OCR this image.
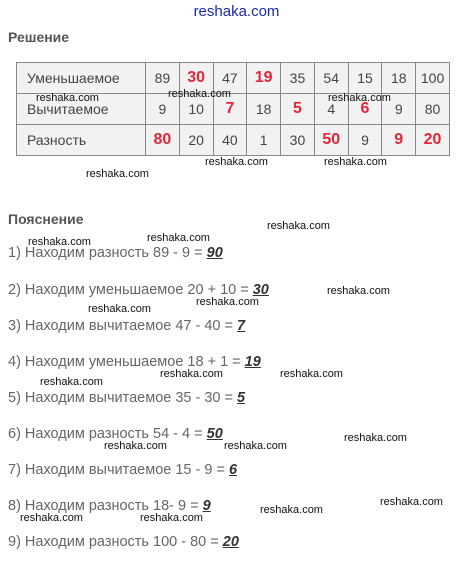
reshaka.com
Решение
Уменьшаемое	89	30	47	19	35	54	15	18	100
Вычитаемое	9	10	7	18	5	4	6	9	80
Разность	80	20	40	1	30	50	9	9	20
Пояснение
1) Находим разность 89 - 9 = 90
2) Находим уменьшаемое 20 + 10 = 30
3) Находим вычитаемое 47 - 40 = 7
4) Находим уменьшаемое 18 + 1 = 19
5) Находим вычитаемое 35 - 30 = 5
6) Находим разность 54 - 4 = 50
7) Находим вычитаемое 15 - 9 = 6
8) Находим разность 18- 9 = 9
9) Находим разность 100 - 80 = 20
reshaka.com	reshaka.com	reshaka.com
reshaka.com
reshaka.com	reshaka.com
reshaka.com
reshaka.com
reshaka.com
reshaka.com
reshaka.com
reshaka.com
reshaka.com
reshaka.com	reshaka.com
reshaka.com	reshaka.com
reshaka.com
reshaka.com	reshaka.com
reshaka.com
reshaka.com
